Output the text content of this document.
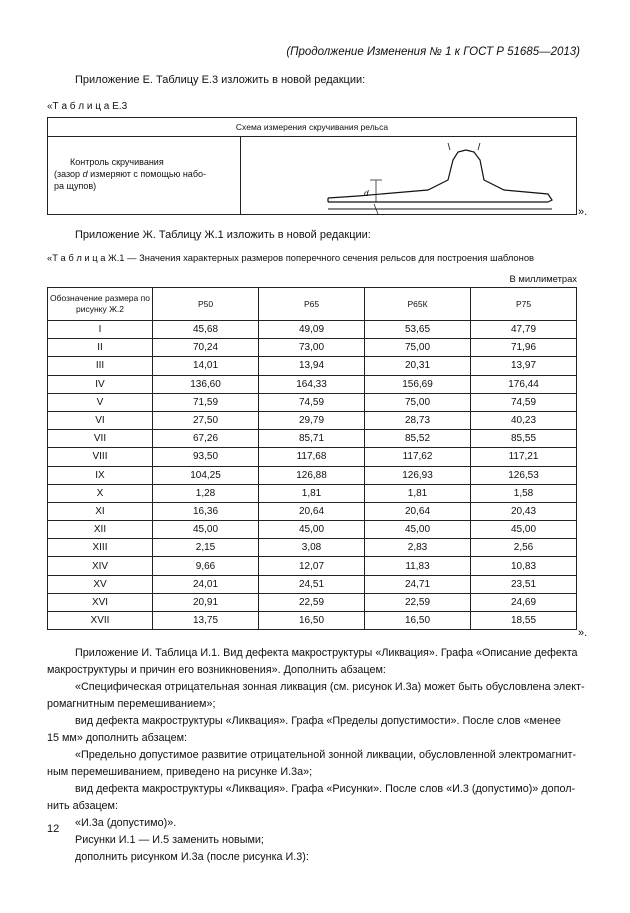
(Продолжение Изменения № 1 к ГОСТ Р 51685—2013)
Приложение Е. Таблицу Е.3 изложить в новой редакции:
«Т а б л и ц а Е.3
Схема измерения скручивания рельса
Контроль скручивания
(зазор d измеряют с помощью набо-
ра щупов)
d
».
Приложение Ж. Таблицу Ж.1 изложить в новой редакции:
«Т а б л и ц а Ж.1 — Значения характерных размеров поперечного сечения рельсов для построения шаблонов
В миллиметрах
Обозначение размера по рисунку Ж.2	Р50	Р65	Р65К	Р75
I	45,68	49,09	53,65	47,79
II	70,24	73,00	75,00	71,96
III	14,01	13,94	20,31	13,97
IV	136,60	164,33	156,69	176,44
V	71,59	74,59	75,00	74,59
VI	27,50	29,79	28,73	40,23
VII	67,26	85,71	85,52	85,55
VIII	93,50	117,68	117,62	117,21
IX	104,25	126,88	126,93	126,53
X	1,28	1,81	1,81	1,58
XI	16,36	20,64	20,64	20,43
XII	45,00	45,00	45,00	45,00
XIII	2,15	3,08	2,83	2,56
XIV	9,66	12,07	11,83	10,83
XV	24,01	24,51	24,71	23,51
XVI	20,91	22,59	22,59	24,69
XVII	13,75	16,50	16,50	18,55
».
Приложение И. Таблица И.1. Вид дефекта макроструктуры «Ликвация». Графа «Описание дефекта
макроструктуры и причин его возникновения». Дополнить абзацем:
«Специфическая отрицательная зонная ликвация (см. рисунок И.3а) может быть обусловлена элект-
ромагнитным перемешиванием»;
вид дефекта макроструктуры «Ликвация». Графа «Пределы допустимости». После слов «менее
15 мм» дополнить абзацем:
«Предельно допустимое развитие отрицательной зонной ликвации, обусловленной электромагнит-
ным перемешиванием, приведено на рисунке И.3а»;
вид дефекта макроструктуры «Ликвация». Графа «Рисунки». После слов «И.3 (допустимо)» допол-
нить абзацем:
«И.3а (допустимо)».
Рисунки И.1 — И.5 заменить новыми;
дополнить рисунком И.3а (после рисунка И.3):
12
